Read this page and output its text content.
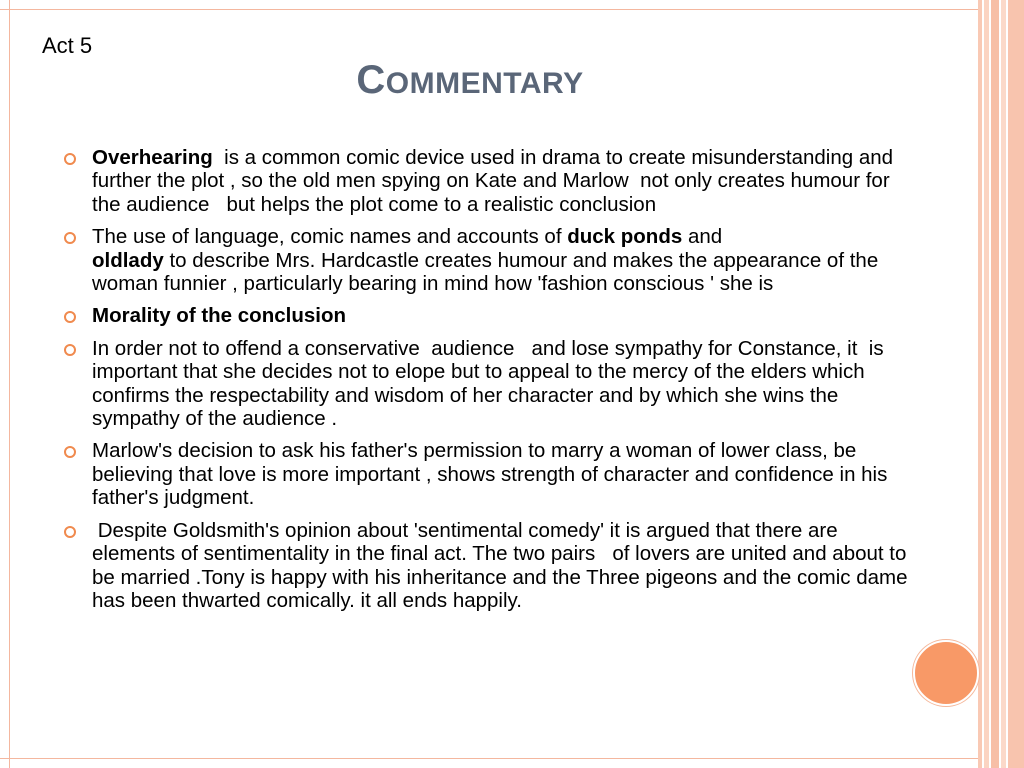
Act 5
COMMENTARY
Overhearing  is a common comic device used in drama to create misunderstanding and further the plot , so the old men spying on Kate and Marlow  not only creates humour for the audience   but helps the plot come to a realistic conclusion
The use of language, comic names and accounts of duck ponds and
oldlady to describe Mrs. Hardcastle creates humour and makes the appearance of the woman funnier , particularly bearing in mind how 'fashion conscious ' she is
Morality of the conclusion
In order not to offend a conservative  audience   and lose sympathy for Constance, it  is important that she decides not to elope but to appeal to the mercy of the elders which confirms the respectability and wisdom of her character and by which she wins the sympathy of the audience .
Marlow's decision to ask his father's permission to marry a woman of lower class, be believing that love is more important , shows strength of character and confidence in his father's judgment.
Despite Goldsmith's opinion about 'sentimental comedy' it is argued that there are elements of sentimentality in the final act. The two pairs   of lovers are united and about to be married .Tony is happy with his inheritance and the Three pigeons and the comic dame has been thwarted comically. it all ends happily.
